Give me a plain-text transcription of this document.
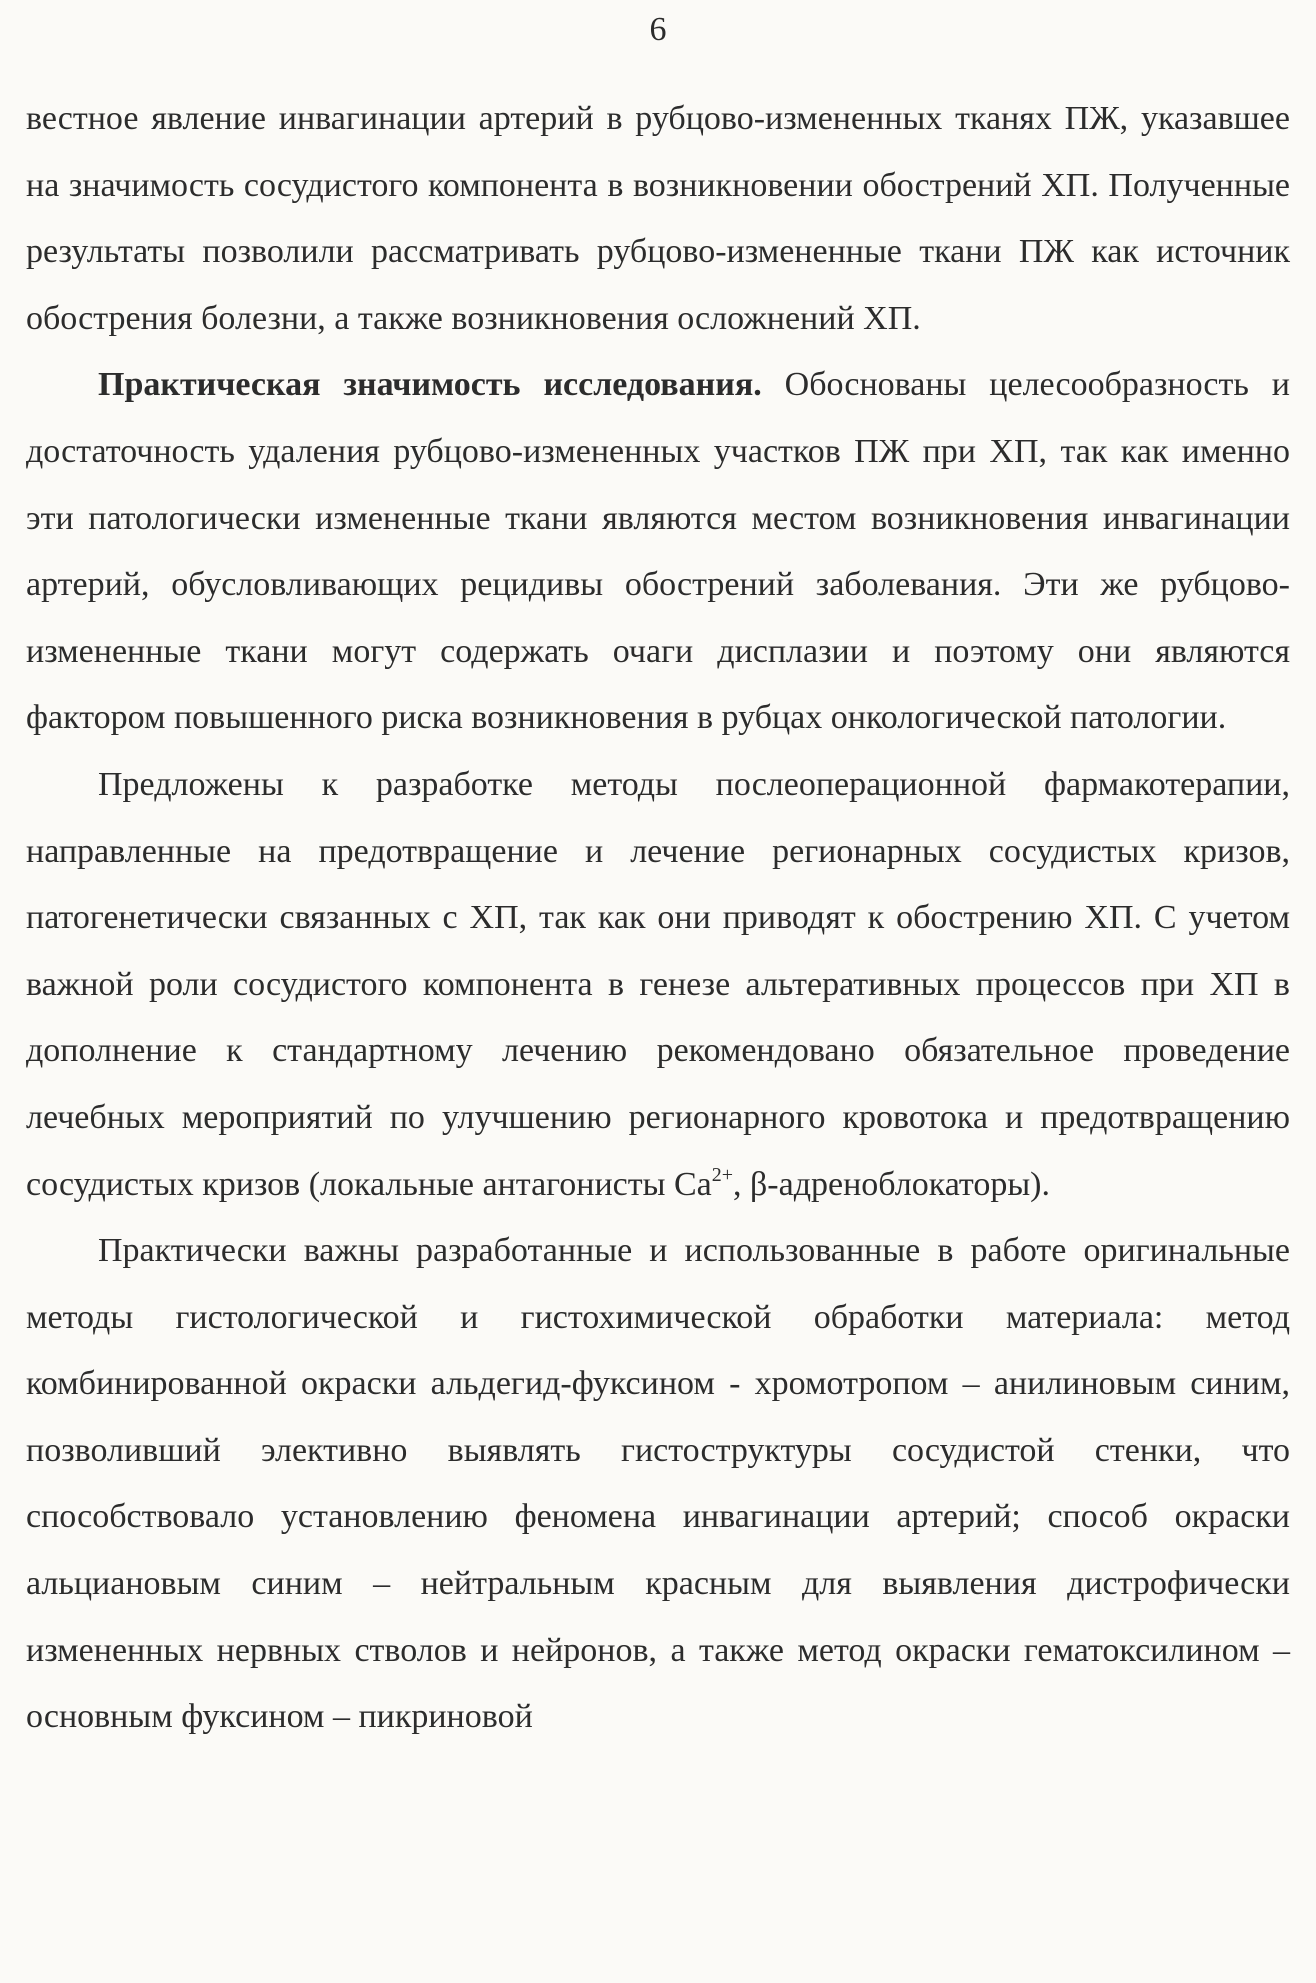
6

вестное явление инвагинации артерий в рубцово-измененных тканях ПЖ, указавшее на значимость сосудистого компонента в возникновении обострений ХП. Полученные результаты позволили рассматривать рубцово-измененные ткани ПЖ как источник обострения болезни, а также возникновения осложнений ХП.

Практическая значимость исследования. Обоснованы целесообразность и достаточность удаления рубцово-измененных участков ПЖ при ХП, так как именно эти патологически измененные ткани являются местом возникновения инвагинации артерий, обусловливающих рецидивы обострений заболевания. Эти же рубцово-измененные ткани могут содержать очаги дисплазии и поэтому они являются фактором повышенного риска возникновения в рубцах онкологической патологии.

Предложены к разработке методы послеоперационной фармакотерапии, направленные на предотвращение и лечение регионарных сосудистых кризов, патогенетически связанных с ХП, так как они приводят к обострению ХП. С учетом важной роли сосудистого компонента в генезе альтеративных процессов при ХП в дополнение к стандартному лечению рекомендовано обязательное проведение лечебных мероприятий по улучшению регионарного кровотока и предотвращению сосудистых кризов (локальные антагонисты $Ca^{2+}$, β-адреноблокаторы).

Практически важны разработанные и использованные в работе оригинальные методы гистологической и гистохимической обработки материала: метод комбинированной окраски альдегид-фуксином - хромотропом – анилиновым синим, позволивший элективно выявлять гистоструктуры сосудистой стенки, что способствовало установлению феномена инвагинации артерий; способ окраски альциановым синим – нейтральным красным для выявления дистрофически измененных нервных стволов и нейронов, а также метод окраски гематоксилином – основным фуксином – пикриновой
